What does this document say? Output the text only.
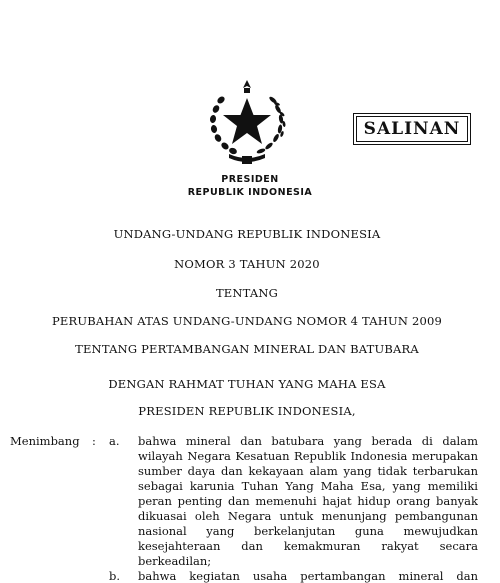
SALINAN
PRESIDEN
REPUBLIK INDONESIA
UNDANG-UNDANG REPUBLIK INDONESIA
NOMOR 3 TAHUN 2020
TENTANG
PERUBAHAN ATAS UNDANG-UNDANG NOMOR 4 TAHUN 2009
TENTANG PERTAMBANGAN MINERAL DAN BATUBARA
DENGAN RAHMAT TUHAN YANG MAHA ESA
PRESIDEN REPUBLIK INDONESIA,
Menimbang : a. bahwa mineral dan batubara yang berada di dalam
wilayah Negara Kesatuan Republik Indonesia merupakan
sumber daya dan kekayaan alam yang tidak terbarukan
sebagai karunia Tuhan Yang Maha Esa, yang memiliki
peran penting dan memenuhi hajat hidup orang banyak
dikuasai oleh Negara untuk menunjang pembangunan
nasional yang berkelanjutan guna mewujudkan
kesejahteraan dan kemakmuran rakyat secara
berkeadilan;
b. bahwa kegiatan usaha pertambangan mineral dan
